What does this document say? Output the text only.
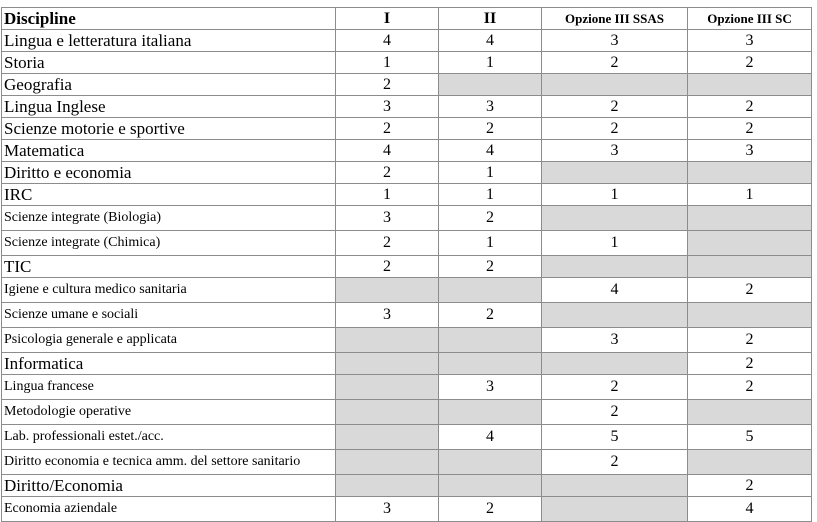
Discipline	I	II	Opzione III SSAS	Opzione III SC
Lingua e letteratura italiana	4	4	3	3
Storia	1	1	2	2
Geografia	2			
Lingua Inglese	3	3	2	2
Scienze motorie e sportive	2	2	2	2
Matematica	4	4	3	3
Diritto e economia	2	1		
IRC	1	1	1	1
Scienze integrate (Biologia)	3	2		
Scienze integrate (Chimica)	2	1	1	
TIC	2	2		
Igiene e cultura medico sanitaria			4	2
Scienze umane e sociali	3	2		
Psicologia generale e applicata			3	2
Informatica				2
Lingua francese		3	2	2
Metodologie operative			2	
Lab. professionali estet./acc.		4	5	5
Diritto economia e tecnica amm. del settore sanitario			2	
Diritto/Economia				2
Economia aziendale	3	2		4
